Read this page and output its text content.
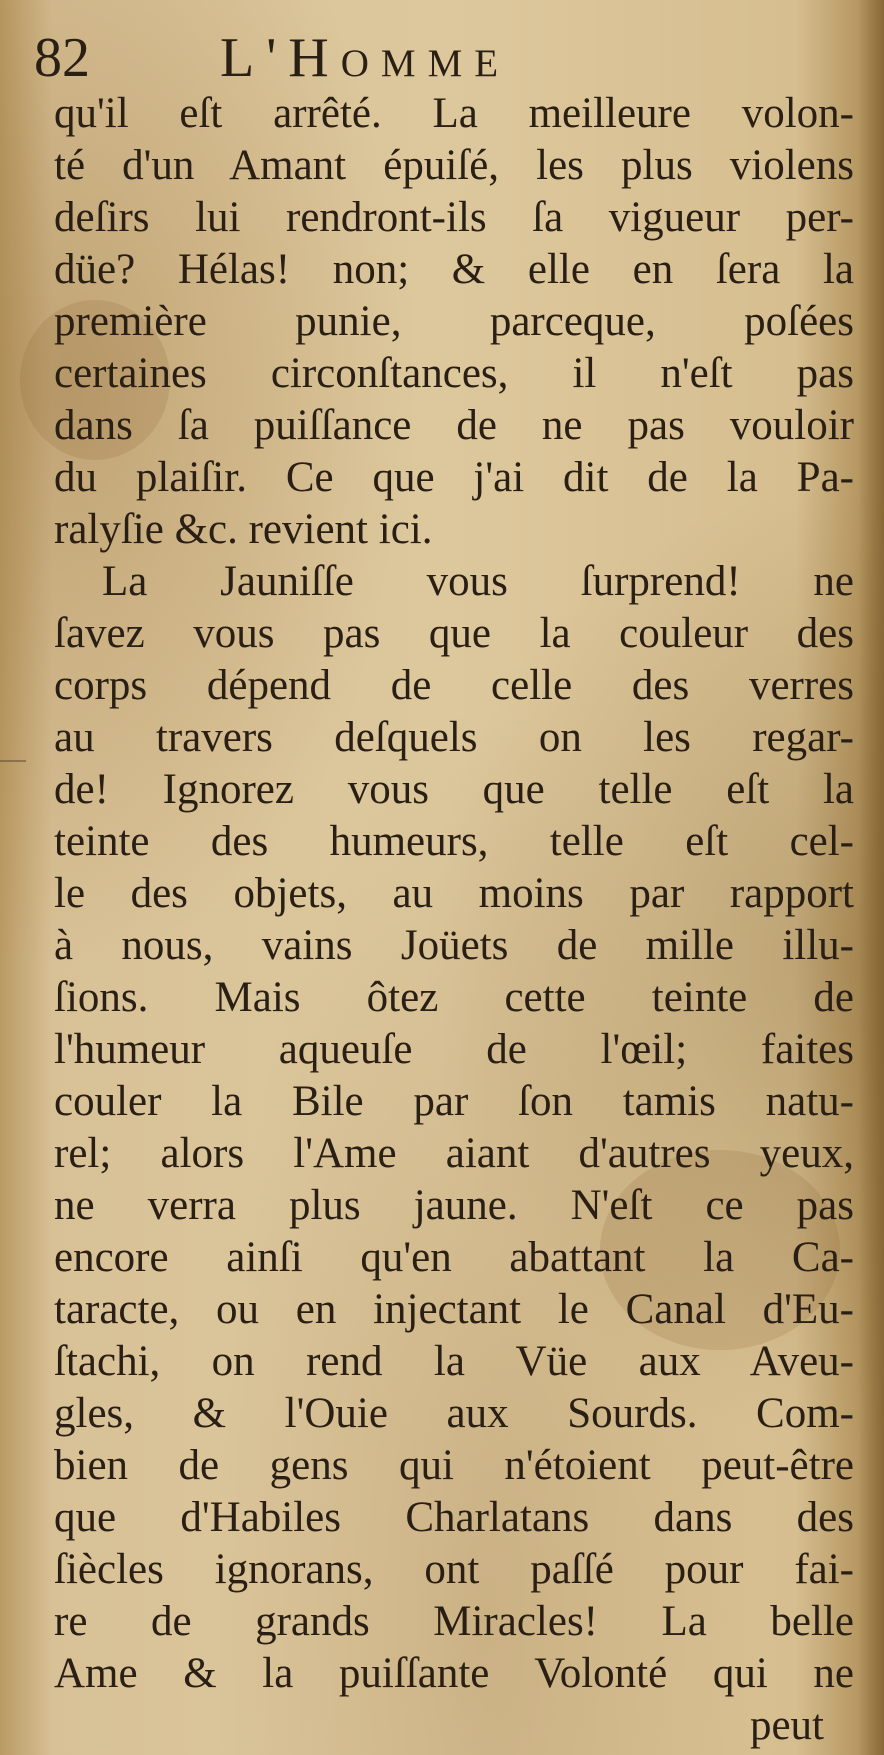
82 L'Homme
qu'il eſt arrêté. La meilleure volon-
té d'un Amant épuiſé, les plus violens
deſirs lui rendront-ils ſa vigueur per-
düe? Hélas! non; & elle en ſera la
première punie, parceque, poſées
certaines circonſtances, il n'eſt pas
dans ſa puiſſance de ne pas vouloir
du plaiſir. Ce que j'ai dit de la Pa-
ralyſie &c. revient ici.
La Jauniſſe vous ſurprend! ne
ſavez vous pas que la couleur des
corps dépend de celle des verres
au travers deſquels on les regar-
de! Ignorez vous que telle eſt la
teinte des humeurs, telle eſt cel-
le des objets, au moins par rapport
à nous, vains Joüets de mille illu-
ſions. Mais ôtez cette teinte de
l'humeur aqueuſe de l'œil; faites
couler la Bile par ſon tamis natu-
rel; alors l'Ame aiant d'autres yeux,
ne verra plus jaune. N'eſt ce pas
encore ainſi qu'en abattant la Ca-
taracte, ou en injectant le Canal d'Eu-
ſtachi, on rend la Vüe aux Aveu-
gles, & l'Ouie aux Sourds. Com-
bien de gens qui n'étoient peut-être
que d'Habiles Charlatans dans des
ſiècles ignorans, ont paſſé pour fai-
re de grands Miracles! La belle
Ame & la puiſſante Volonté qui ne
peut
